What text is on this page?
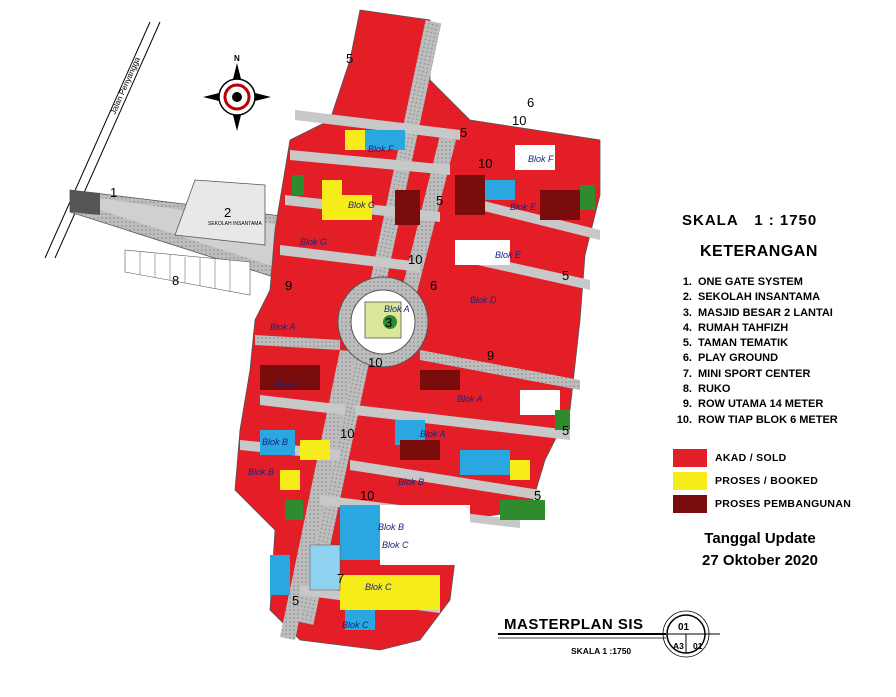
Jalan Penyangga	N
SEKOLAH INSANTAMA
Blok F
Blok F
Blok E
Blok G
Blok G
Blok E
Blok D
Blok A
Blok A
Blok A
Blok A
Blok A
Blok B
Blok B
Blok B
Blok B
Blok C
Blok C
Blok C
1
2
3
6
5
5
5
5
5
5
5
6
7
8	9
9
10
10
10
10
10
10
SKALA 1 : 1750
KETERANGAN
1. ONE GATE SYSTEM
2. SEKOLAH INSANTAMA
3. MASJID BESAR 2 LANTAI
4. RUMAH TAHFIZH
5. TAMAN TEMATIK
6. PLAY GROUND
7. MINI SPORT CENTER
8. RUKO
9. ROW UTAMA 14 METER
10. ROW TIAP BLOK 6 METER
AKAD / SOLD
PROSES / BOOKED
PROSES PEMBANGUNAN
Tanggal Update
27 Oktober 2020
MASTERPLAN SIS
SKALA 1 :1750
01
A3 01
